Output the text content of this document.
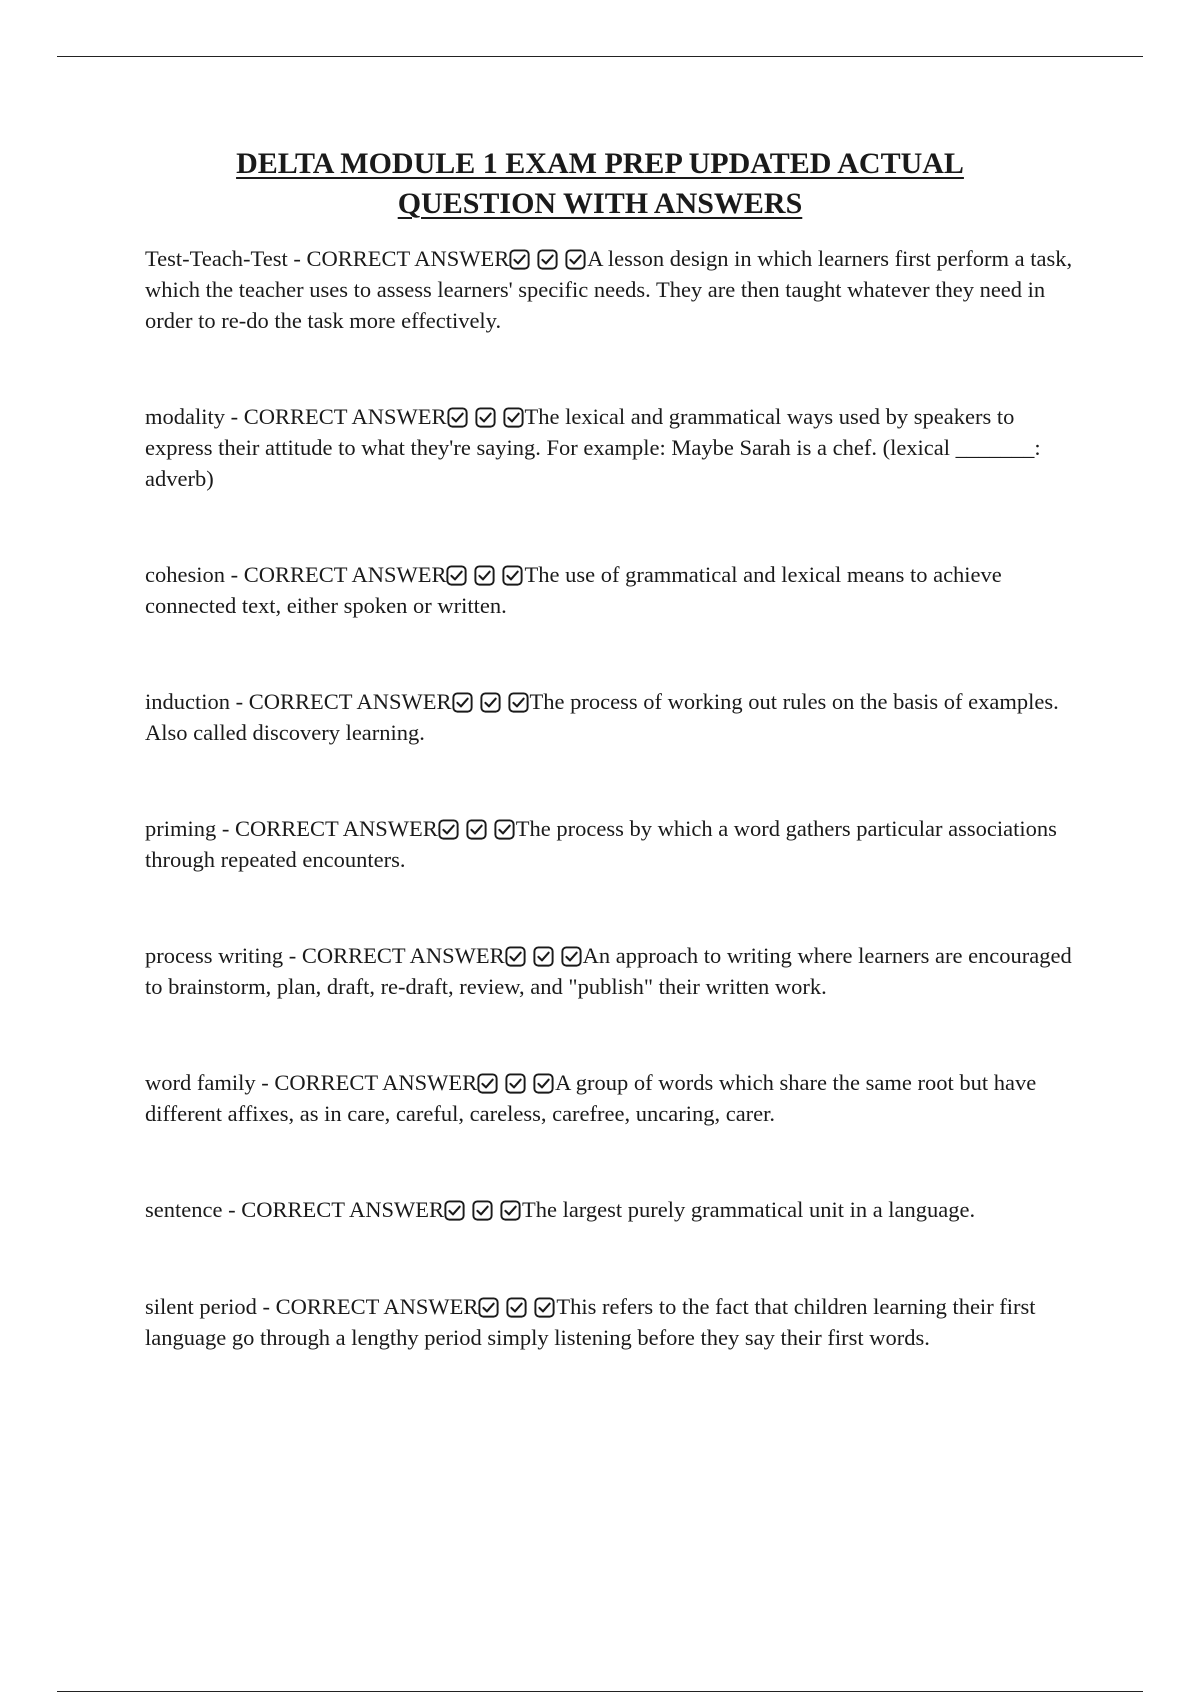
DELTA MODULE 1 EXAM PREP UPDATED ACTUAL
QUESTION WITH ANSWERS

Test-Teach-Test - CORRECT ANSWER	A lesson design in which learners first perform a task, which the teacher uses to assess learners' specific needs. They are then taught whatever they need in order to re-do the task more effectively.

modality - CORRECT ANSWER	The lexical and grammatical ways used by speakers to express their attitude to what they're saying. For example: Maybe Sarah is a chef. (lexical _______: adverb)

cohesion - CORRECT ANSWER	The use of grammatical and lexical means to achieve connected text, either spoken or written.

induction - CORRECT ANSWER	The process of working out rules on the basis of examples. Also called discovery learning.

priming - CORRECT ANSWER	The process by which a word gathers particular associations through repeated encounters.

process writing - CORRECT ANSWER	An approach to writing where learners are encouraged to brainstorm, plan, draft, re-draft, review, and "publish" their written work.

word family - CORRECT ANSWER	A group of words which share the same root but have different affixes, as in care, careful, careless, carefree, uncaring, carer.

sentence - CORRECT ANSWER	The largest purely grammatical unit in a language.

silent period - CORRECT ANSWER	This refers to the fact that children learning their first language go through a lengthy period simply listening before they say their first words.
